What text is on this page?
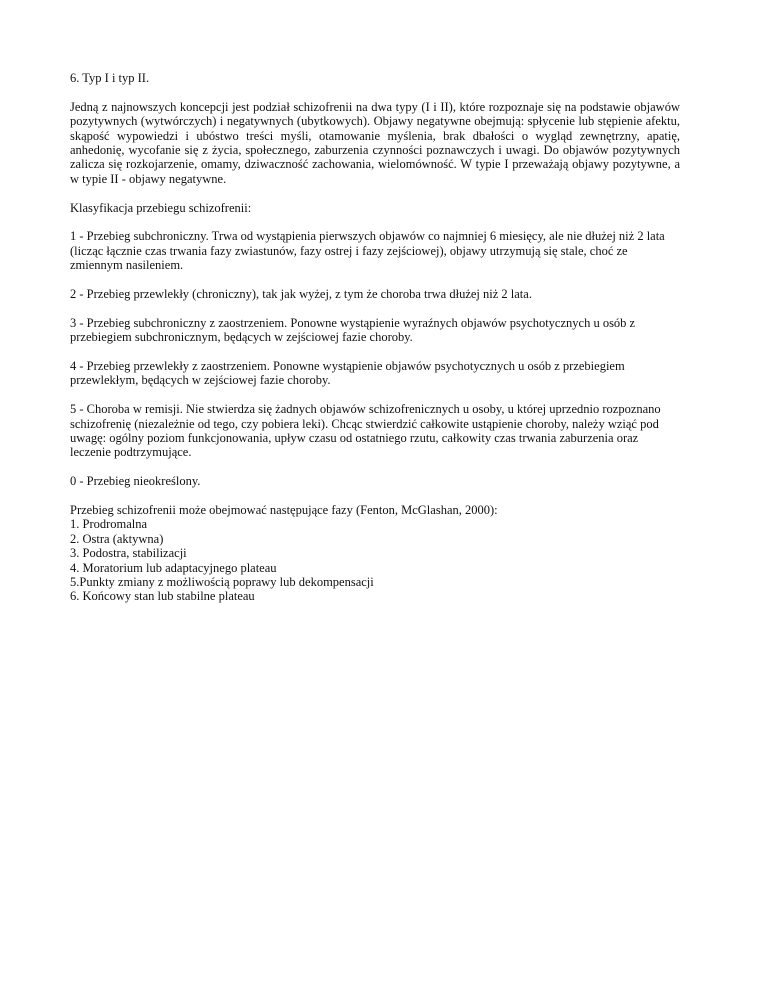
6. Typ I i typ II.

Jedną z najnowszych koncepcji jest podział schizofrenii na dwa typy (I i II), które rozpoznaje się na podstawie objawów pozytywnych (wytwórczych) i negatywnych (ubytkowych). Objawy negatywne obejmują: spłycenie lub stępienie afektu, skąpość wypowiedzi i ubóstwo treści myśli, otamowanie myślenia, brak dbałości o wygląd zewnętrzny, apatię, anhedonię, wycofanie się z życia, społecznego, zaburzenia czynności poznawczych i uwagi. Do objawów pozytywnych zalicza się rozkojarzenie, omamy, dziwaczność zachowania, wielomówność. W typie I przeważają objawy pozytywne, a w typie II - objawy negatywne.

Klasyfikacja przebiegu schizofrenii:

1 - Przebieg subchroniczny. Trwa od wystąpienia pierwszych objawów co najmniej 6 miesięcy, ale nie dłużej niż 2 lata (licząc łącznie czas trwania fazy zwiastunów, fazy ostrej i fazy zejściowej), objawy utrzymują się stale, choć ze zmiennym nasileniem.

2 - Przebieg przewlekły (chroniczny), tak jak wyżej, z tym że choroba trwa dłużej niż 2 lata.

3 - Przebieg subchroniczny z zaostrzeniem. Ponowne wystąpienie wyraźnych objawów psychotycznych u osób z przebiegiem subchronicznym, będących w zejściowej fazie choroby.

4 - Przebieg przewlekły z zaostrzeniem. Ponowne wystąpienie objawów psychotycznych u osób z przebiegiem przewlekłym, będących w zejściowej fazie choroby.

5 - Choroba w remisji. Nie stwierdza się żadnych objawów schizofrenicznych u osoby, u której uprzednio rozpoznano schizofrenię (niezależnie od tego, czy pobiera leki). Chcąc stwierdzić całkowite ustąpienie choroby, należy wziąć pod uwagę: ogólny poziom funkcjonowania, upływ czasu od ostatniego rzutu, całkowity czas trwania zaburzenia oraz leczenie podtrzymujące.

0 - Przebieg nieokreślony.

Przebieg schizofrenii może obejmować następujące fazy (Fenton, McGlashan, 2000):
1. Prodromalna
2. Ostra (aktywna)
3. Podostra, stabilizacji
4. Moratorium lub adaptacyjnego plateau
5.Punkty zmiany z możliwością poprawy lub dekompensacji
6. Końcowy stan lub stabilne plateau
